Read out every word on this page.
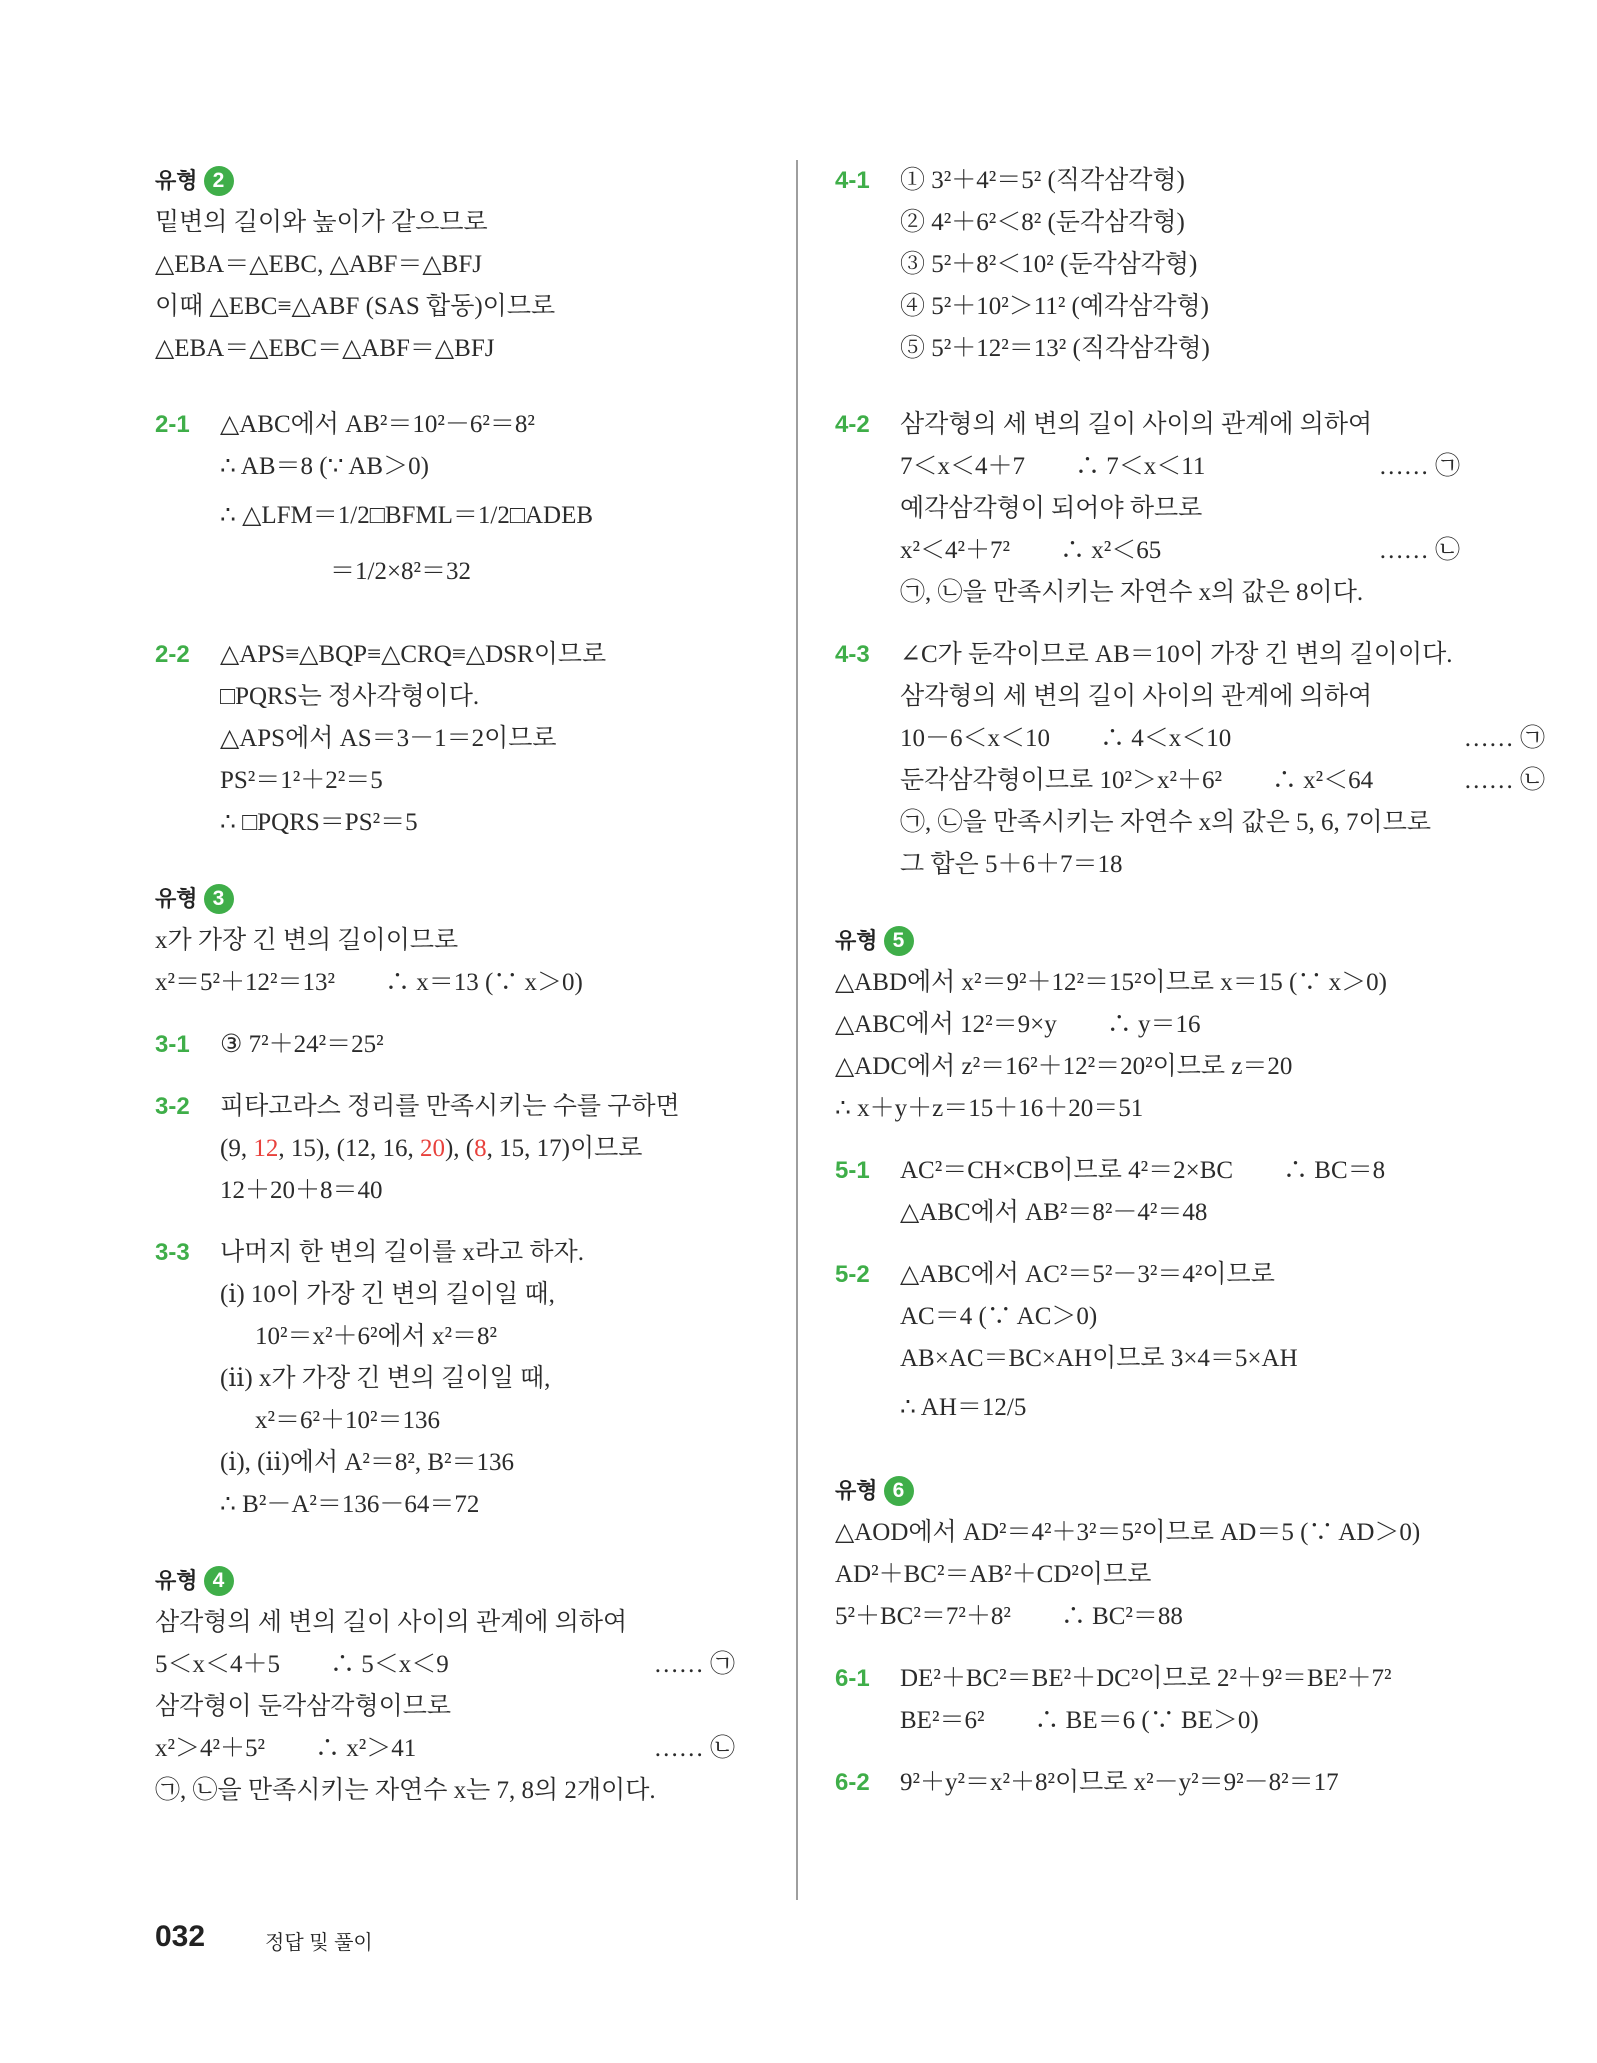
유형 2
밑변의 길이와 높이가 같으므로
△EBA＝△EBC, △ABF＝△BFJ
이때 △EBC≡△ABF (SAS 합동)이므로
△EBA＝△EBC＝△ABF＝△BFJ
2-1 △ABC에서 AB²＝10²－6²＝8²
∴ AB＝8 (∵ AB＞0)
∴ △LFM＝1/2□BFML＝1/2□ADEB
＝1/2×8²＝32
2-2 △APS≡△BQP≡△CRQ≡△DSR이므로
□PQRS는 정사각형이다.
△APS에서 AS＝3－1＝2이므로
PS²＝1²＋2²＝5
∴ □PQRS＝PS²＝5
유형 3
x가 가장 긴 변의 길이이므로
x²＝5²＋12²＝13²　　∴ x＝13 (∵ x＞0)
3-1 ③ 7²＋24²＝25²
3-2 피타고라스 정리를 만족시키는 수를 구하면
(9, 12, 15), (12, 16, 20), (8, 15, 17)이므로
12＋20＋8＝40
3-3 나머지 한 변의 길이를 x라고 하자.
(ⅰ) 10이 가장 긴 변의 길이일 때,
10²＝x²＋6²에서 x²＝8²
(ⅱ) x가 가장 긴 변의 길이일 때,
x²＝6²＋10²＝136
(ⅰ), (ⅱ)에서 A²＝8², B²＝136
∴ B²－A²＝136－64＝72
유형 4
삼각형의 세 변의 길이 사이의 관계에 의하여
5＜x＜4＋5　　∴ 5＜x＜9	…… ㉠
삼각형이 둔각삼각형이므로
x²＞4²＋5²　　∴ x²＞41	…… ㉡
㉠, ㉡을 만족시키는 자연수 x는 7, 8의 2개이다.
4-1 ① 3²＋4²＝5² (직각삼각형)
② 4²＋6²＜8² (둔각삼각형)
③ 5²＋8²＜10² (둔각삼각형)
④ 5²＋10²＞11² (예각삼각형)
⑤ 5²＋12²＝13² (직각삼각형)
4-2 삼각형의 세 변의 길이 사이의 관계에 의하여
7＜x＜4＋7　　∴ 7＜x＜11	…… ㉠
예각삼각형이 되어야 하므로
x²＜4²＋7²　　∴ x²＜65	…… ㉡
㉠, ㉡을 만족시키는 자연수 x의 값은 8이다.
4-3 ∠C가 둔각이므로 AB＝10이 가장 긴 변의 길이이다.
삼각형의 세 변의 길이 사이의 관계에 의하여
10－6＜x＜10　　∴ 4＜x＜10	…… ㉠
둔각삼각형이므로 10²＞x²＋6²　　∴ x²＜64	…… ㉡
㉠, ㉡을 만족시키는 자연수 x의 값은 5, 6, 7이므로
그 합은 5＋6＋7＝18
유형 5
△ABD에서 x²＝9²＋12²＝15²이므로 x＝15 (∵ x＞0)
△ABC에서 12²＝9×y　　∴ y＝16
△ADC에서 z²＝16²＋12²＝20²이므로 z＝20
∴ x＋y＋z＝15＋16＋20＝51
5-1 AC²＝CH×CB이므로 4²＝2×BC　　∴ BC＝8
△ABC에서 AB²＝8²－4²＝48
5-2 △ABC에서 AC²＝5²－3²＝4²이므로
AC＝4 (∵ AC＞0)
AB×AC＝BC×AH이므로 3×4＝5×AH
∴ AH＝12/5
유형 6
△AOD에서 AD²＝4²＋3²＝5²이므로 AD＝5 (∵ AD＞0)
AD²＋BC²＝AB²＋CD²이므로
5²＋BC²＝7²＋8²　　∴ BC²＝88
6-1 DE²＋BC²＝BE²＋DC²이므로 2²＋9²＝BE²＋7²
BE²＝6²　　∴ BE＝6 (∵ BE＞0)
6-2 9²＋y²＝x²＋8²이므로 x²－y²＝9²－8²＝17
032	정답 및 풀이
